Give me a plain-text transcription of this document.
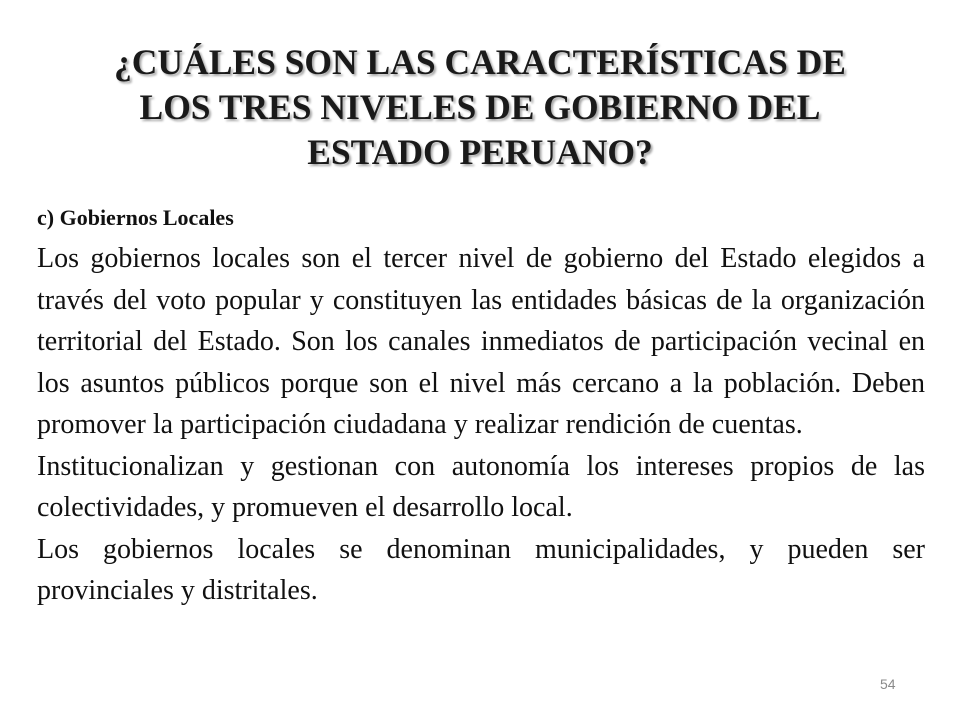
¿CUÁLES SON LAS CARACTERÍSTICAS DE
LOS TRES NIVELES DE GOBIERNO DEL
ESTADO PERUANO?

c) Gobiernos Locales

Los gobiernos locales son el tercer nivel de gobierno del Estado elegidos a través del voto popular y constituyen las entidades básicas de la organización territorial del Estado. Son los canales inmediatos de participación vecinal en los asuntos públicos porque son el nivel más cercano a la población. Deben promover la participación ciudadana y realizar rendición de cuentas.

Institucionalizan y gestionan con autonomía los intereses propios de las colectividades, y promueven el desarrollo local.

Los gobiernos locales se denominan municipalidades, y pueden ser provinciales y distritales.

54
